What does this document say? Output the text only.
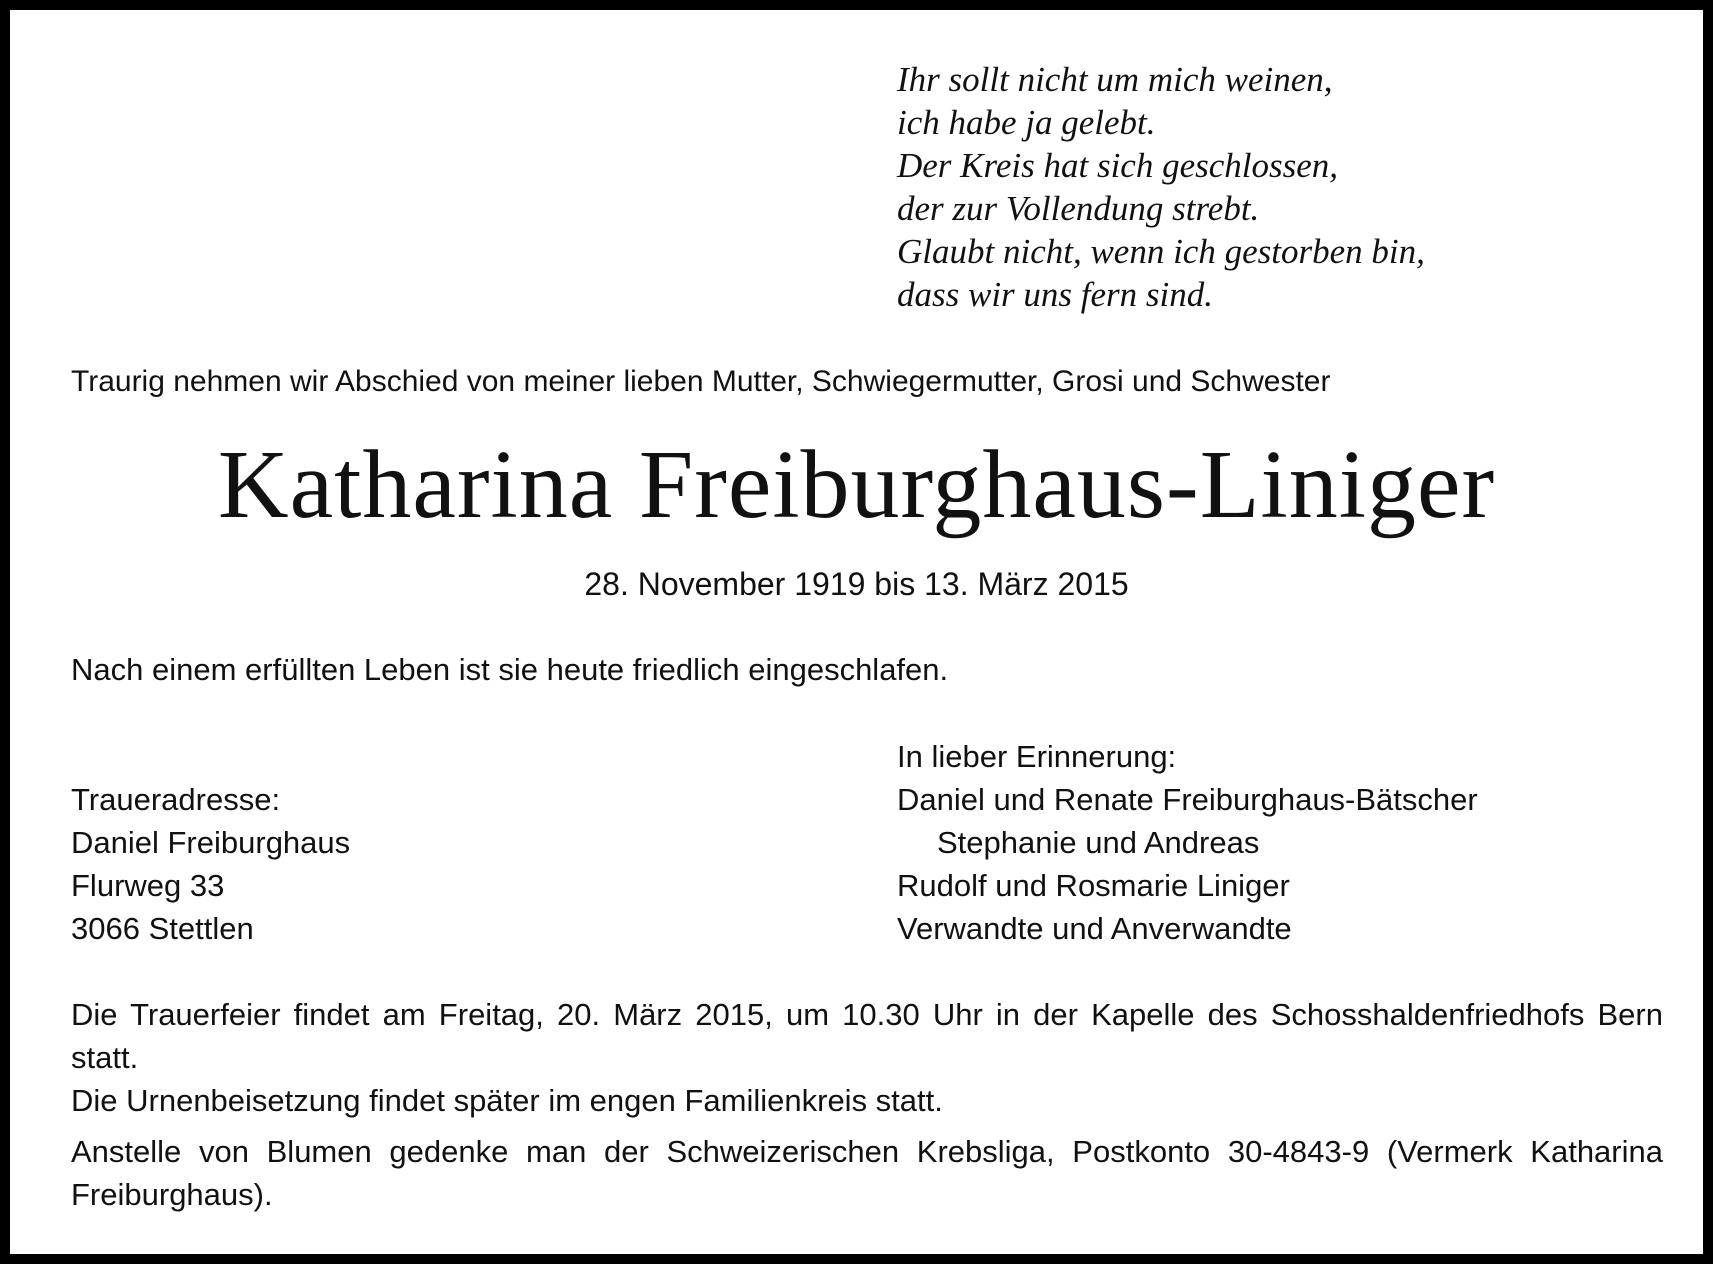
Ihr sollt nicht um mich weinen,
ich habe ja gelebt.
Der Kreis hat sich geschlossen,
der zur Vollendung strebt.
Glaubt nicht, wenn ich gestorben bin,
dass wir uns fern sind.
Traurig nehmen wir Abschied von meiner lieben Mutter, Schwiegermutter, Grosi und Schwester
Katharina Freiburghaus-Liniger
28. November 1919 bis 13. März 2015
Nach einem erfüllten Leben ist sie heute friedlich eingeschlafen.
Traueradresse:
Daniel Freiburghaus
Flurweg 33
3066 Stettlen
In lieber Erinnerung:
Daniel und Renate Freiburghaus-Bätscher
Stephanie und Andreas
Rudolf und Rosmarie Liniger
Verwandte und Anverwandte

Die Trauerfeier findet am Freitag, 20. März 2015, um 10.30 Uhr in der Kapelle des Schosshaldenfriedhofs Bern statt.

Die Urnenbeisetzung findet später im engen Familienkreis statt.

Anstelle von Blumen gedenke man der Schweizerischen Krebsliga, Postkonto 30-4843-9 (Vermerk Katharina Freiburghaus).
